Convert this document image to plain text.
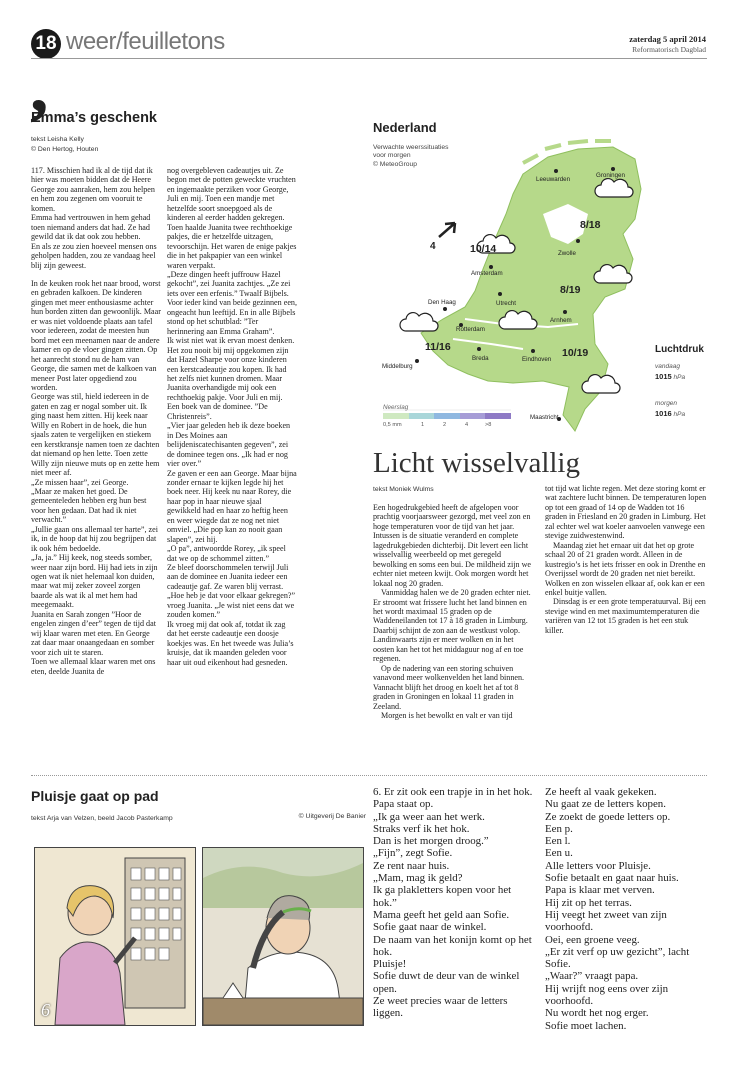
18 weer/feuilletons	zaterdag 5 april 2014
Reformatorisch Dagblad
,
Emma’s geschenk
tekst Leisha Kelly
© Den Hertog, Houten

117. Misschien had ik al de tijd dat ik hier was moeten bidden dat de Heere George zou aanraken, hem zou helpen en hem zou zegenen om vooruit te komen.

Emma had vertrouwen in hem gehad toen niemand anders dat had. Ze had gewild dat ik dat ook zou hebben.

En als ze zou zien hoeveel mensen ons geholpen hadden, zou ze vandaag heel blij zijn geweest.

In de keuken rook het naar brood, worst en gebraden kalkoen. De kinderen gingen met meer enthousiasme achter hun borden zitten dan gewoonlijk. Maar er was niet voldoende plaats aan tafel voor iedereen, zodat de meesten hun bord met een meenamen naar de andere kamer en op de vloer gingen zitten. Op het aanrecht stond nu de ham van George, die samen met de kalkoen van meneer Post later opgediend zou worden.

George was stil, hield iedereen in de gaten en zag er nogal somber uit. Ik ging naast hem zitten. Hij keek naar Willy en Robert in de hoek, die hun sjaals zaten te vergelijken en stiekem een kerstkransje namen toen ze dachten dat niemand op hen lette. Toen zette Willy zijn nieuwe muts op en zette hem niet meer af.

„Ze missen haar”, zei George.

„Maar ze maken het goed. De gemeenteleden hebben erg hun best voor hen gedaan. Dat had ik niet verwacht.”

„Jullie gaan ons allemaal ter harte”, zei ik, in de hoop dat hij zou begrijpen dat ik ook hém bedoelde.

„Ja, ja.” Hij keek, nog steeds somber, weer naar zijn bord. Hij had iets in zijn ogen wat ik niet helemaal kon duiden, maar wat mij zeker zoveel zorgen baarde als wat ik al met hem had meegemaakt.

Juanita en Sarah zongen ”Hoor de engelen zingen d’eer” tegen de tijd dat wij klaar waren met eten. En George zat daar maar onaangedaan en somber voor zich uit te staren.

Toen we allemaal klaar waren met ons eten, deelde Juanita de

nog overgebleven cadeautjes uit. Ze begon met de potten geweckte vruchten en ingemaakte perziken voor George, Juli en mij. Toen een mandje met hetzelfde soort snoepgoed als de kinderen al eerder hadden gekregen. Toen haalde Juanita twee rechthoekige pakjes, die er hetzelfde uitzagen, tevoorschijn. Het waren de enige pakjes die in het pakpapier van een winkel waren verpakt.

„Deze dingen heeft juffrouw Hazel gekocht”, zei Juanita zachtjes. „Ze zei iets over een erfenis.” Twaalf Bijbels. Voor ieder kind van beide gezinnen een, ongeacht hun leeftijd. En in alle Bijbels stond op het schutblad: ”Ter herinnering aan Emma Graham”.

Ik wist niet wat ik ervan moest denken. Het zou nooit bij mij opgekomen zijn dat Hazel Sharpe voor onze kinderen een kerstcadeautje zou kopen. Ik had het zelfs niet kunnen dromen. Maar Juanita overhandigde mij ook een rechthoekig pakje. Voor Juli en mij. Een boek van de dominee. ”De Christenreis”.

„Vier jaar geleden heb ik deze boeken in Des Moines aan belijdeniscatechisanten gegeven”, zei de dominee tegen ons. „Ik had er nog vier over.”

Ze gaven er een aan George. Maar bijna zonder ernaar te kijken legde hij het boek neer. Hij keek nu naar Rorey, die haar pop in haar nieuwe sjaal gewikkeld had en haar zo heftig heen en weer wiegde dat ze nog net niet omviel. „Die pop kan zo nooit gaan slapen”, zei hij.

„O pa”, antwoordde Rorey, „ik speel dat we op de schommel zitten.”

Ze bleef doorschommelen terwijl Juli aan de dominee en Juanita iedeer een cadeautje gaf. Ze waren blij verrast.

„Hoe heb je dat voor elkaar gekregen?” vroeg Juanita. „Je wist niet eens dat we zouden komen.”

Ik vroeg mij dat ook af, totdat ik zag dat het eerste cadeautje een doosje koekjes was. En het tweede was Julia’s kruisje, dat ik maanden geleden voor haar uit oud eikenhout had gesneden.

Nederland
Verwachte weerssituaties
voor morgen
© MeteoGroup
Leeuwarden
Groningen
Zwolle
Amsterdam
Den Haag	Utrecht
Rotterdam
Arnhem
Breda	Eindhoven
Middelburg
Maastricht
8/18
10/14
8/19
11/16	10/19
4
Luchtdruk
vandaag
1015 hPa
morgen
1016 hPa
Neerslag
0,5 mm	1	2	4	>8
Licht wisselvallig
tekst Moniek Wulms

Een hogedrukgebied heeft de afgelopen voor prachtig voorjaarsweer gezorgd, met veel zon en hoge temperaturen voor de tijd van het jaar. Intussen is de situatie veranderd en complete lagedrukgebieden dichterbij. Dit levert een licht wisselvallig weerbeeld op met geregeld bewolking en soms een bui. De mildheid zijn we echter niet meteen kwijt. Ook morgen wordt het lokaal nog 20 graden.

Vanmiddag halen we de 20 graden echter niet. Er stroomt wat frissere lucht het land binnen en het wordt maximaal 15 graden op de Waddeneilanden tot 17 à 18 graden in Limburg. Daarbij schijnt de zon aan de westkust volop. Landinwaarts zijn er meer wolken en in het oosten kan het tot het middaguur nog af en toe regenen.

Op de nadering van een storing schuiven vanavond meer wolkenvelden het land binnen. Vannacht blijft het droog en koelt het af tot 8 graden in Groningen en lokaal 11 graden in Zeeland.

Morgen is het bewolkt en valt er van tijd

tot tijd wat lichte regen. Met deze storing komt er wat zachtere lucht binnen. De temperaturen lopen op tot een graad of 14 op de Wadden tot 16 graden in Friesland en 20 graden in Limburg. Het zal echter wel wat koeler aanvoelen vanwege een stevige zuidwestenwind.

Maandag ziet het ernaar uit dat het op grote schaal 20 of 21 graden wordt. Alleen in de kustregio’s is het iets frisser en ook in Drenthe en Overijssel wordt de 20 graden net niet bereikt. Wolken en zon wisselen elkaar af, ook kan er een enkel buitje vallen.

Dinsdag is er een grote temperatuurval. Bij een stevige wind en met maximumtemperaturen die variëren van 12 tot 15 graden is het een stuk killer.

Pluisje gaat op pad
tekst Arja van Velzen, beeld Jacob Pasterkamp	© Uitgeverij De Banier
6
6. Er zit ook een trapje in in het hok.
Papa staat op.
„Ik ga weer aan het werk.
Straks verf ik het hok.
Dan is het morgen droog.”
„Fijn”, zegt Sofie.
Ze rent naar huis.
„Mam, mag ik geld?
Ik ga plakletters kopen voor het hok.”
Mama geeft het geld aan Sofie.
Sofie gaat naar de winkel.
De naam van het konijn komt op het hok.
Pluisje!
Sofie duwt de deur van de winkel open.
Ze weet precies waar de letters liggen.
Ze heeft al vaak gekeken.
Nu gaat ze de letters kopen.
Ze zoekt de goede letters op.
Een p.
Een l.
Een u.
Alle letters voor Pluisje.
Sofie betaalt en gaat naar huis.
Papa is klaar met verven.
Hij zit op het terras.
Hij veegt het zweet van zijn voorhoofd.
Oei, een groene veeg.
„Er zit verf op uw gezicht”, lacht Sofie.
„Waar?” vraagt papa.
Hij wrijft nog eens over zijn voorhoofd.
Nu wordt het nog erger.
Sofie moet lachen.
